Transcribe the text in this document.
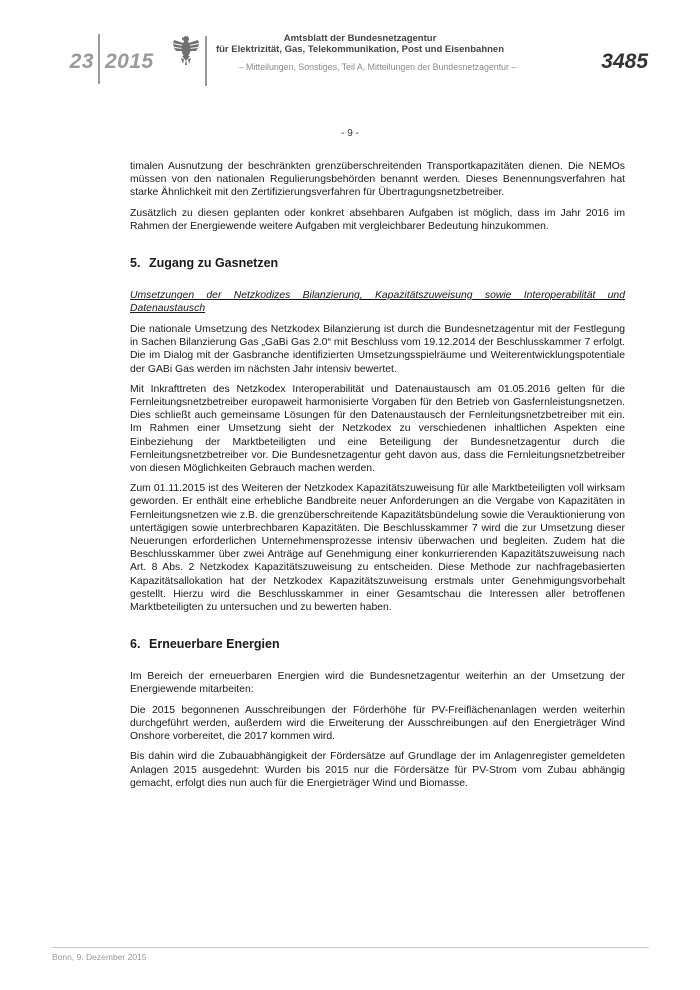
23 2015
Amtsblatt der Bundesnetzagentur
für Elektrizität, Gas, Telekommunikation, Post und Eisenbahnen
– Mitteilungen, Sonstiges, Teil A, Mitteilungen der Bundesnetzagentur –	3485
- 9 -

timalen Ausnutzung der beschränkten grenzüberschreitenden Transportkapazitäten dienen. Die NEMOs müssen von den nationalen Regulierungsbehörden benannt werden. Dieses Benennungsverfahren hat starke Ähnlichkeit mit den Zertifizierungsverfahren für Übertragungsnetzbetreiber.

Zusätzlich zu diesen geplanten oder konkret absehbaren Aufgaben ist möglich, dass im Jahr 2016 im Rahmen der Energiewende weitere Aufgaben mit vergleichbarer Bedeutung hinzukommen.

5. Zugang zu Gasnetzen

Umsetzungen der Netzkodizes Bilanzierung, Kapazitätszuweisung sowie Interoperabilität und Datenaustausch

Die nationale Umsetzung des Netzkodex Bilanzierung ist durch die Bundesnetzagentur mit der Festlegung in Sachen Bilanzierung Gas „GaBi Gas 2.0“ mit Beschluss vom 19.12.2014 der Beschlusskammer 7 erfolgt. Die im Dialog mit der Gasbranche identifizierten Umsetzungsspielräume und Weiterentwicklungspotentiale der GABi Gas werden im nächsten Jahr intensiv bewertet.

Mit Inkrafttreten des Netzkodex Interoperabilität und Datenaustausch am 01.05.2016 gelten für die Fernleitungsnetzbetreiber europaweit harmonisierte Vorgaben für den Betrieb von Gasfernleistungsnetzen. Dies schließt auch gemeinsame Lösungen für den Datenaustausch der Fernleitungsnetzbetreiber mit ein. Im Rahmen einer Umsetzung sieht der Netzkodex zu verschiedenen inhaltlichen Aspekten eine Einbeziehung der Marktbeteiligten und eine Beteiligung der Bundesnetzagentur durch die Fernleitungsnetzbetreiber vor. Die Bundesnetzagentur geht davon aus, dass die Fernleitungsnetzbetreiber von diesen Möglichkeiten Gebrauch machen werden.

Zum 01.11.2015 ist des Weiteren der Netzkodex Kapazitätszuweisung für alle Marktbeteiligten voll wirksam geworden. Er enthält eine erhebliche Bandbreite neuer Anforderungen an die Vergabe von Kapazitäten in Fernleitungsnetzen wie z.B. die grenzüberschreitende Kapazitätsbündelung sowie die Verauktionierung von untertägigen sowie unterbrechbaren Kapazitäten. Die Beschlusskammer 7 wird die zur Umsetzung dieser Neuerungen erforderlichen Unternehmensprozesse intensiv überwachen und begleiten. Zudem hat die Beschlusskammer über zwei Anträge auf Genehmigung einer konkurrierenden Kapazitätszuweisung nach Art. 8 Abs. 2 Netzkodex Kapazitätszuweisung zu entscheiden. Diese Methode zur nachfragebasierten Kapazitätsallokation hat der Netzkodex Kapazitätszuweisung erstmals unter Genehmigungsvorbehalt gestellt. Hierzu wird die Beschlusskammer in einer Gesamtschau die Interessen aller betroffenen Marktbeteiligten zu untersuchen und zu bewerten haben.

6. Erneuerbare Energien

Im Bereich der erneuerbaren Energien wird die Bundesnetzagentur weiterhin an der Umsetzung der Energiewende mitarbeiten:

Die 2015 begonnenen Ausschreibungen der Förderhöhe für PV-Freiflächenanlagen werden weiterhin durchgeführt werden, außerdem wird die Erweiterung der Ausschreibungen auf den Energieträger Wind Onshore vorbereitet, die 2017 kommen wird.

Bis dahin wird die Zubauabhängigkeit der Fördersätze auf Grundlage der im Anlagenregister gemeldeten Anlagen 2015 ausgedehnt: Wurden bis 2015 nur die Fördersätze für PV-Strom vom Zubau abhängig gemacht, erfolgt dies nun auch für die Energieträger Wind und Biomasse.

Bonn, 9. Dezember 2015
